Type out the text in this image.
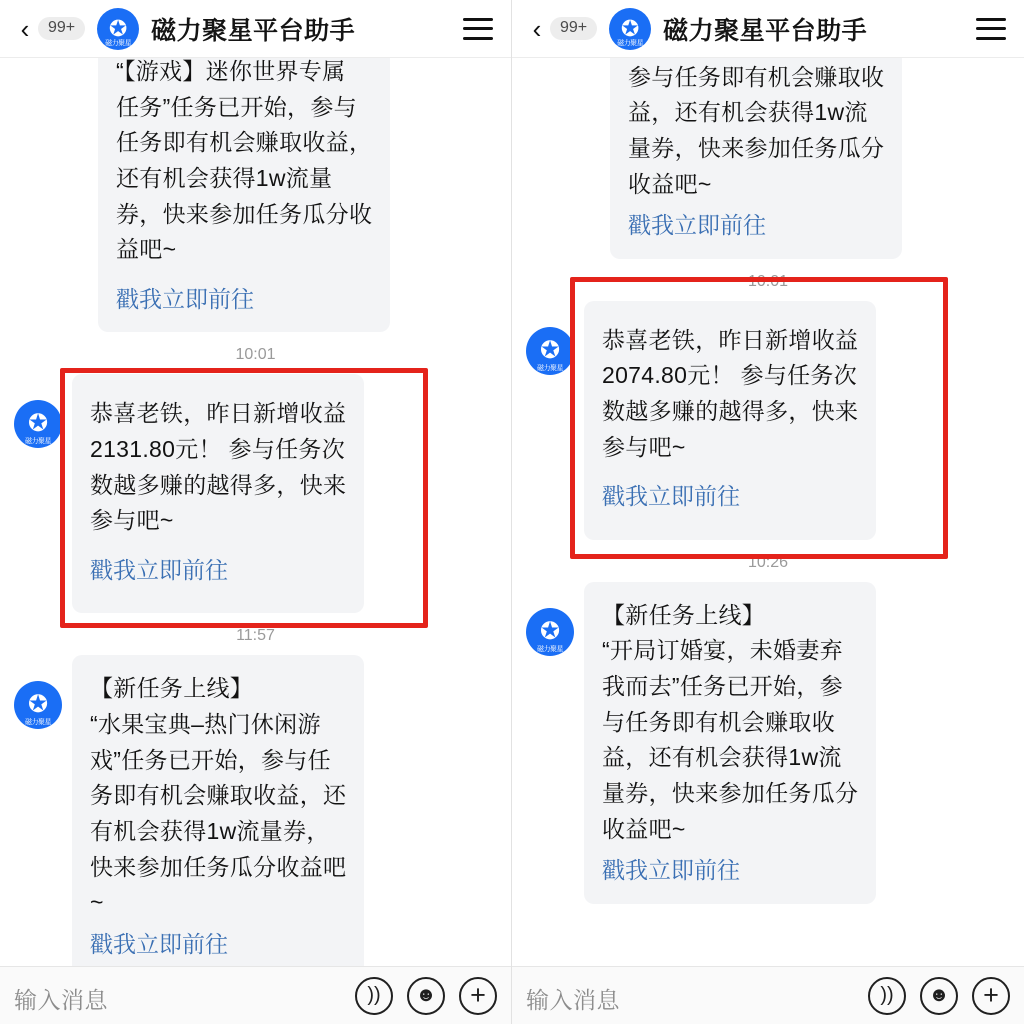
‹	99+	✪
磁力聚星 磁力聚星平台助手

“【游戏】迷你世界专属

任务”任务已开始，参与

任务即有机会赚取收益，

还有机会获得1w流量

券，快来参加任务瓜分收

益吧~

戳我立即前往
10:01
✪
磁力聚星

恭喜老铁，昨日新增收益

2131.80元！ 参与任务次

数越多赚的越得多，快来

参与吧~

戳我立即前往
11:57
✪
磁力聚星

【新任务上线】

“水果宝典–热门休闲游

戏”任务已开始，参与任

务即有机会赚取收益，还

有机会获得1w流量券，

快来参加任务瓜分收益吧

~

戳我立即前往
输入消息	))	☻	+
‹	99+	✪
磁力聚星 磁力聚星平台助手

参与任务即有机会赚取收

益，还有机会获得1w流

量券，快来参加任务瓜分

收益吧~

戳我立即前往
10:01
✪
磁力聚星

恭喜老铁，昨日新增收益

2074.80元！ 参与任务次

数越多赚的越得多，快来

参与吧~

戳我立即前往
10:26
✪
磁力聚星

【新任务上线】

“开局订婚宴，未婚妻弃

我而去”任务已开始，参

与任务即有机会赚取收

益，还有机会获得1w流

量券，快来参加任务瓜分

收益吧~

戳我立即前往
输入消息	))	☻	+
